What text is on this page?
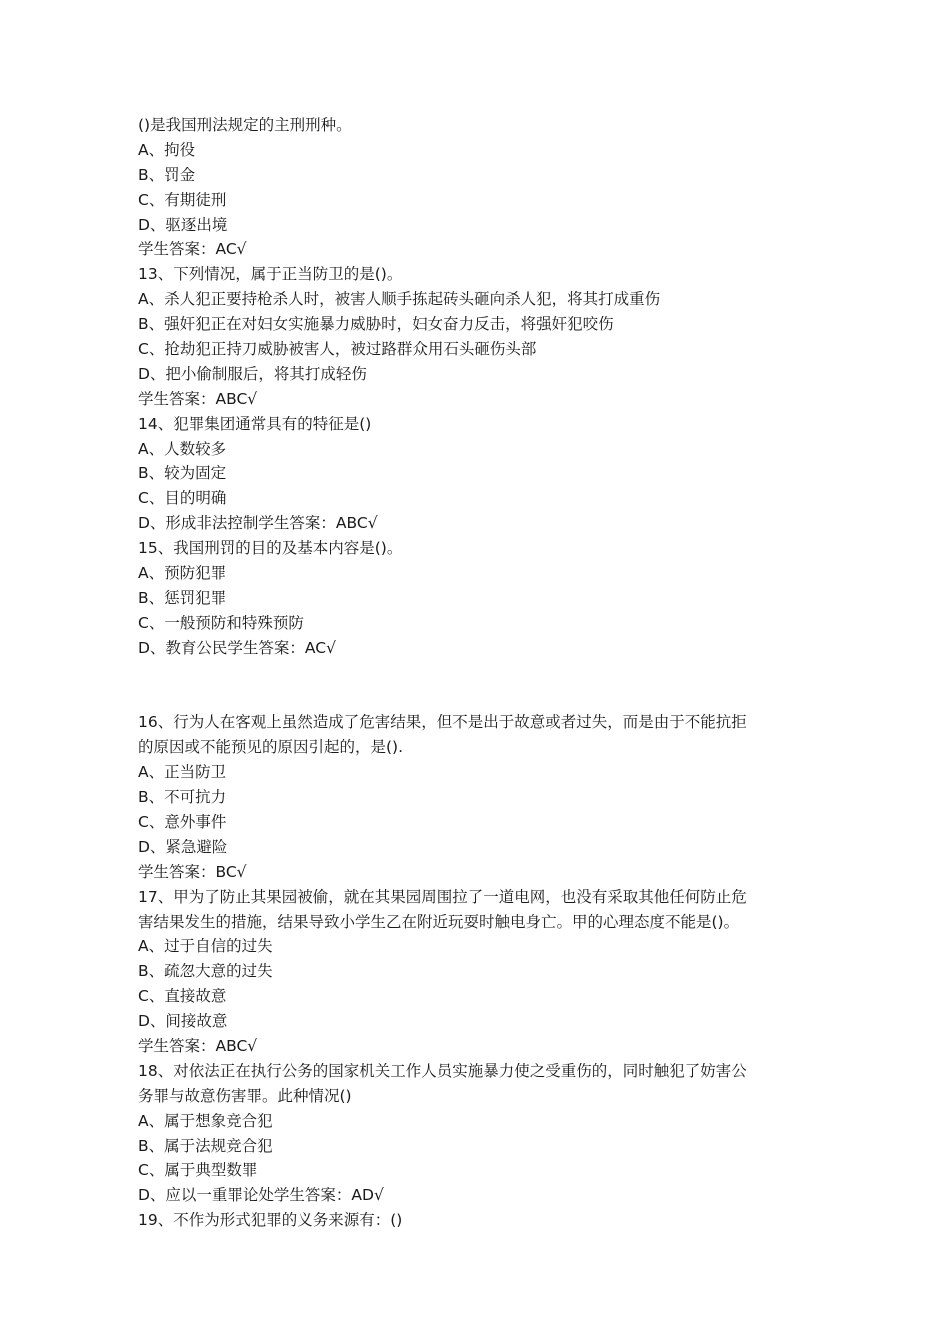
()是我国刑法规定的主刑刑种。
A、拘役
B、罚金
C、有期徒刑
D、驱逐出境
学生答案：AC√
13、下列情况，属于正当防卫的是()。
A、杀人犯正要持枪杀人时，被害人顺手拣起砖头砸向杀人犯，将其打成重伤
B、强奸犯正在对妇女实施暴力威胁时，妇女奋力反击，将强奸犯咬伤
C、抢劫犯正持刀威胁被害人，被过路群众用石头砸伤头部
D、把小偷制服后，将其打成轻伤
学生答案：ABC√
14、犯罪集团通常具有的特征是()
A、人数较多
B、较为固定
C、目的明确
D、形成非法控制学生答案：ABC√
15、我国刑罚的目的及基本内容是()。
A、预防犯罪
B、惩罚犯罪
C、一般预防和特殊预防
D、教育公民学生答案：AC√
16、行为人在客观上虽然造成了危害结果，但不是出于故意或者过失，而是由于不能抗拒
的原因或不能预见的原因引起的，是().
A、正当防卫
B、不可抗力
C、意外事件
D、紧急避险
学生答案：BC√
17、甲为了防止其果园被偷，就在其果园周围拉了一道电网，也没有采取其他任何防止危
害结果发生的措施，结果导致小学生乙在附近玩耍时触电身亡。甲的心理态度不能是()。
A、过于自信的过失
B、疏忽大意的过失
C、直接故意
D、间接故意
学生答案：ABC√
18、对依法正在执行公务的国家机关工作人员实施暴力使之受重伤的，同时触犯了妨害公
务罪与故意伤害罪。此种情况()
A、属于想象竞合犯
B、属于法规竞合犯
C、属于典型数罪
D、应以一重罪论处学生答案：AD√
19、不作为形式犯罪的义务来源有：()
